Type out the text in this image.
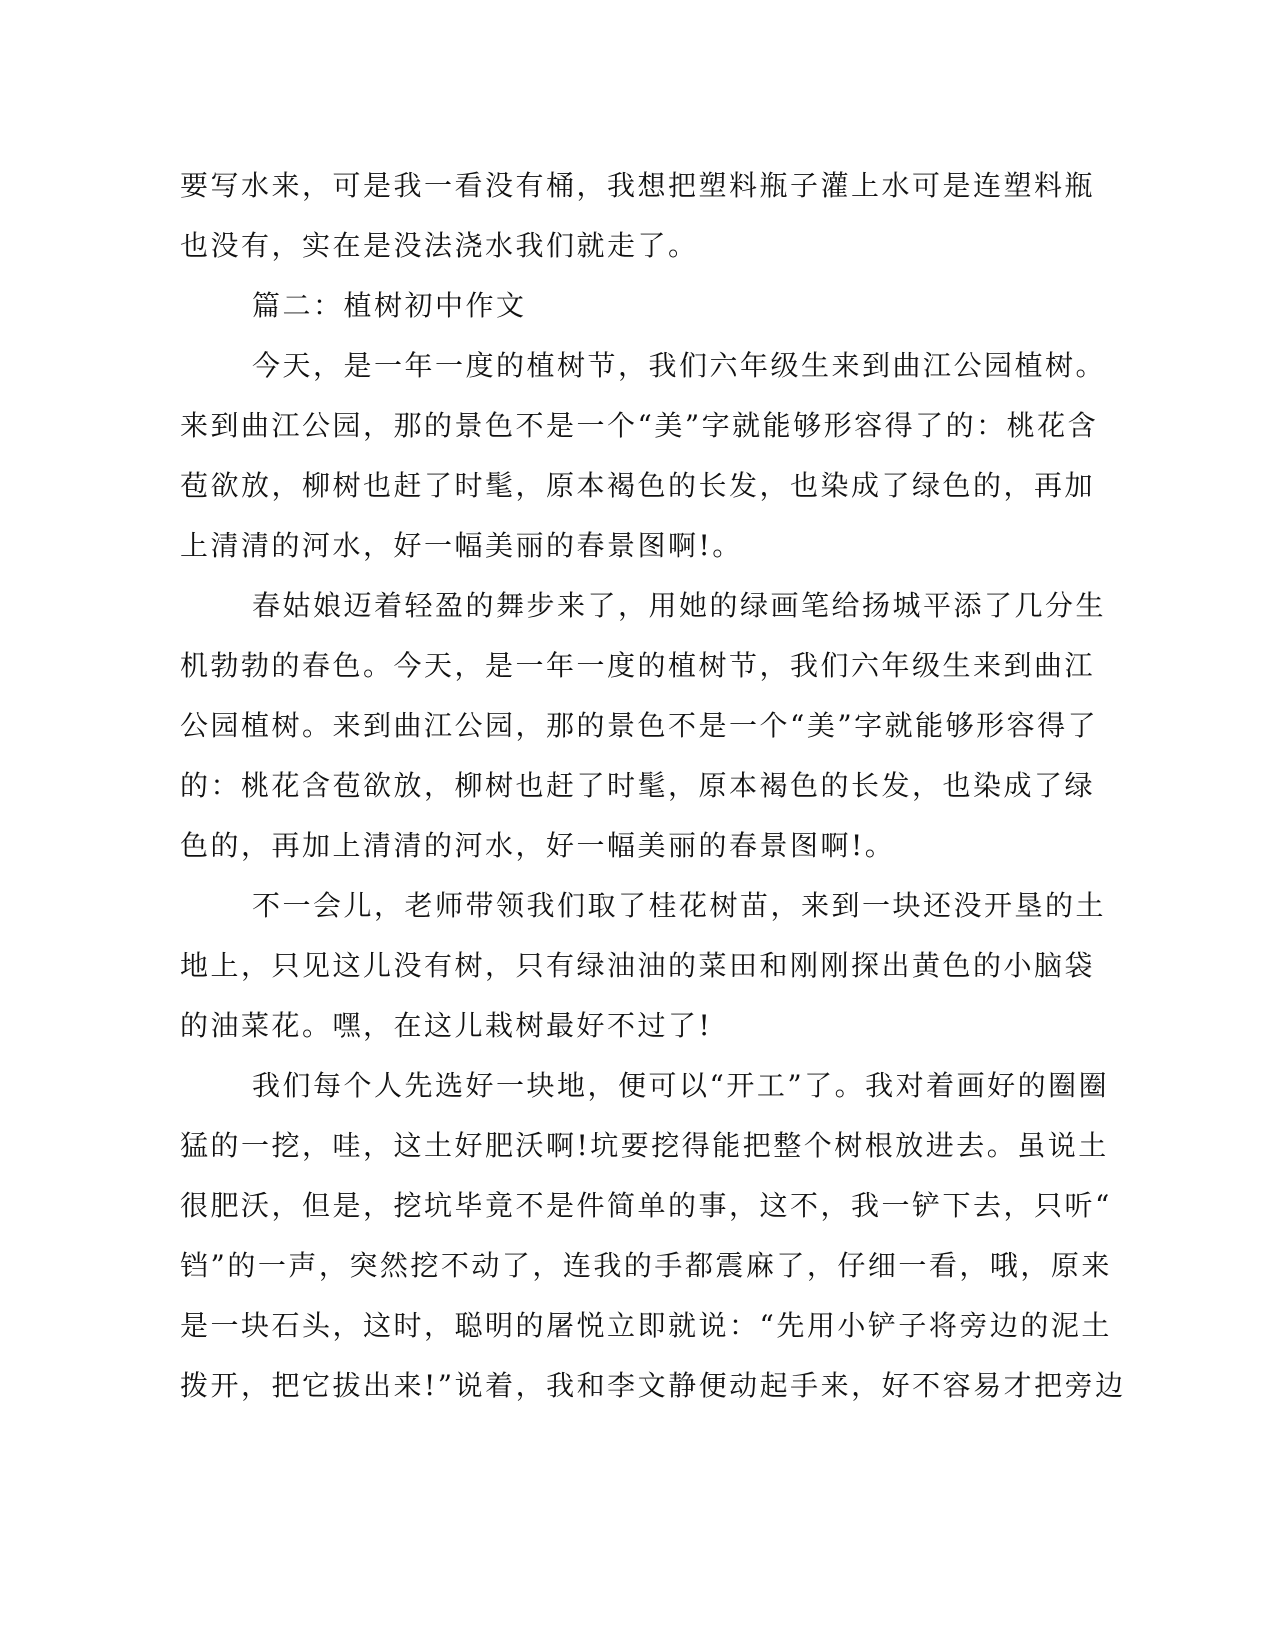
要写水来，可是我一看没有桶，我想把塑料瓶子灌上水可是连塑料瓶
也没有，实在是没法浇水我们就走了。
篇二：植树初中作文
今天，是一年一度的植树节，我们六年级生来到曲江公园植树。
来到曲江公园，那的景色不是一个“美”字就能够形容得了的：桃花含
苞欲放，柳树也赶了时髦，原本褐色的长发，也染成了绿色的，再加
上清清的河水，好一幅美丽的春景图啊!。
春姑娘迈着轻盈的舞步来了，用她的绿画笔给扬城平添了几分生
机勃勃的春色。今天，是一年一度的植树节，我们六年级生来到曲江
公园植树。来到曲江公园，那的景色不是一个“美”字就能够形容得了
的：桃花含苞欲放，柳树也赶了时髦，原本褐色的长发，也染成了绿
色的，再加上清清的河水，好一幅美丽的春景图啊!。
不一会儿，老师带领我们取了桂花树苗，来到一块还没开垦的土
地上，只见这儿没有树，只有绿油油的菜田和刚刚探出黄色的小脑袋
的油菜花。嘿，在这儿栽树最好不过了!
我们每个人先选好一块地，便可以“开工”了。我对着画好的圈圈
猛的一挖，哇，这土好肥沃啊!坑要挖得能把整个树根放进去。虽说土
很肥沃，但是，挖坑毕竟不是件简单的事，这不，我一铲下去，只听“
铛”的一声，突然挖不动了，连我的手都震麻了，仔细一看，哦，原来
是一块石头，这时，聪明的屠悦立即就说：“先用小铲子将旁边的泥土
拨开，把它拔出来!”说着，我和李文静便动起手来，好不容易才把旁边
